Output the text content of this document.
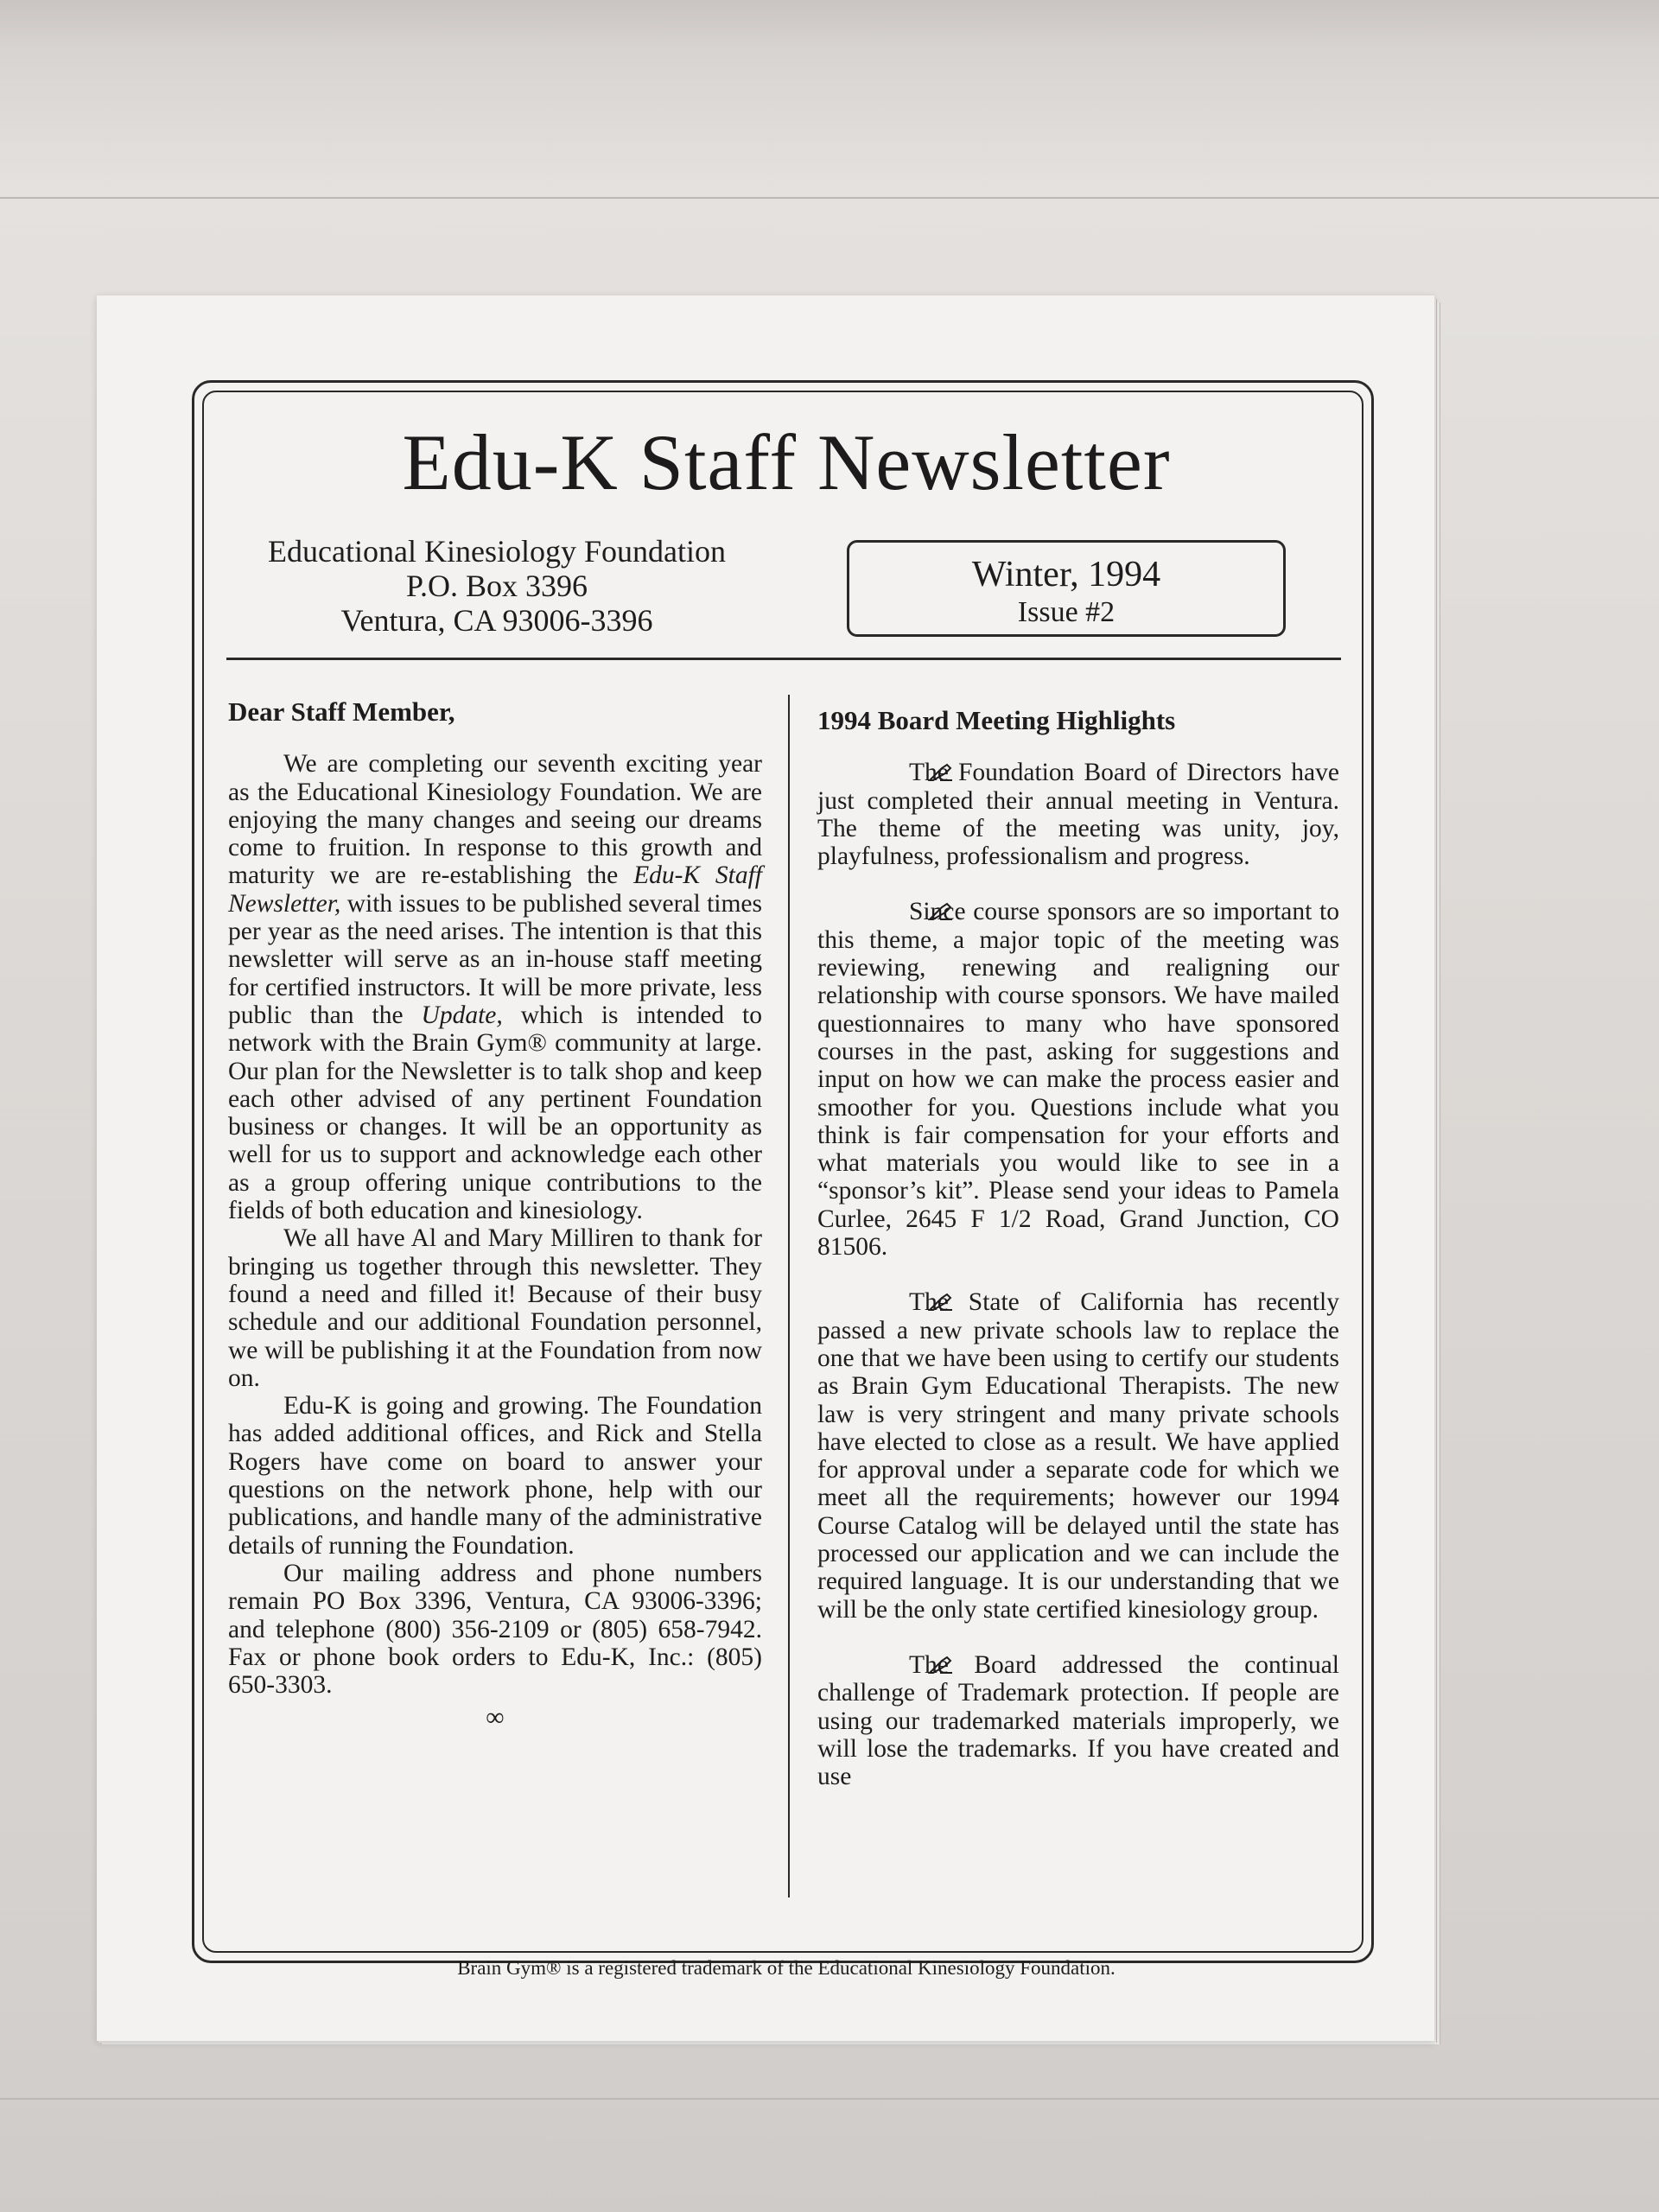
Edu-K Staff Newsletter
Educational Kinesiology Foundation
P.O. Box 3396
Ventura, CA 93006-3396
Winter, 1994
Issue #2

Dear Staff Member,

We are completing our seventh exciting year as the Educational Kinesiology Foundation. We are enjoying the many changes and seeing our dreams come to fruition. In response to this growth and maturity we are re-establishing the Edu-K Staff Newsletter, with issues to be published several times per year as the need arises. The intention is that this newsletter will serve as an in-house staff meeting for certified instructors. It will be more private, less public than the Update, which is intended to network with the Brain Gym® community at large. Our plan for the Newsletter is to talk shop and keep each other advised of any pertinent Foundation business or changes. It will be an opportunity as well for us to support and acknowledge each other as a group offering unique contributions to the fields of both education and kinesiology.

We all have Al and Mary Milliren to thank for bringing us together through this newsletter. They found a need and filled it! Because of their busy schedule and our additional Foundation personnel, we will be publishing it at the Foundation from now on.

Edu-K is going and growing. The Foundation has added additional offices, and Rick and Stella Rogers have come on board to answer your questions on the network phone, help with our publications, and handle many of the administrative details of running the Foundation.

Our mailing address and phone numbers remain PO Box 3396, Ventura, CA 93006-3396; and telephone (800) 356-2109 or (805) 658-7942. Fax or phone book orders to Edu-K, Inc.: (805) 650-3303.

∞

1994 Board Meeting Highlights

The Foundation Board of Directors have just completed their annual meeting in Ventura. The theme of the meeting was unity, joy, playfulness, professionalism and progress.

Since course sponsors are so important to this theme, a major topic of the meeting was reviewing, renewing and realigning our relationship with course sponsors. We have mailed questionnaires to many who have sponsored courses in the past, asking for suggestions and input on how we can make the process easier and smoother for you. Questions include what you think is fair compensation for your efforts and what materials you would like to see in a “sponsor’s kit”. Please send your ideas to Pamela Curlee, 2645 F 1/2 Road, Grand Junction, CO 81506.

The State of California has recently passed a new private schools law to replace the one that we have been using to certify our students as Brain Gym Educational Therapists. The new law is very stringent and many private schools have elected to close as a result. We have applied for approval under a separate code for which we meet all the requirements; however our 1994 Course Catalog will be delayed until the state has processed our application and we can include the required language. It is our understanding that we will be the only state certified kinesiology group.

The Board addressed the continual challenge of Trademark protection. If people are using our trademarked materials improperly, we will lose the trademarks. If you have created and use

Brain Gym® is a registered trademark of the Educational Kinesiology Foundation.
